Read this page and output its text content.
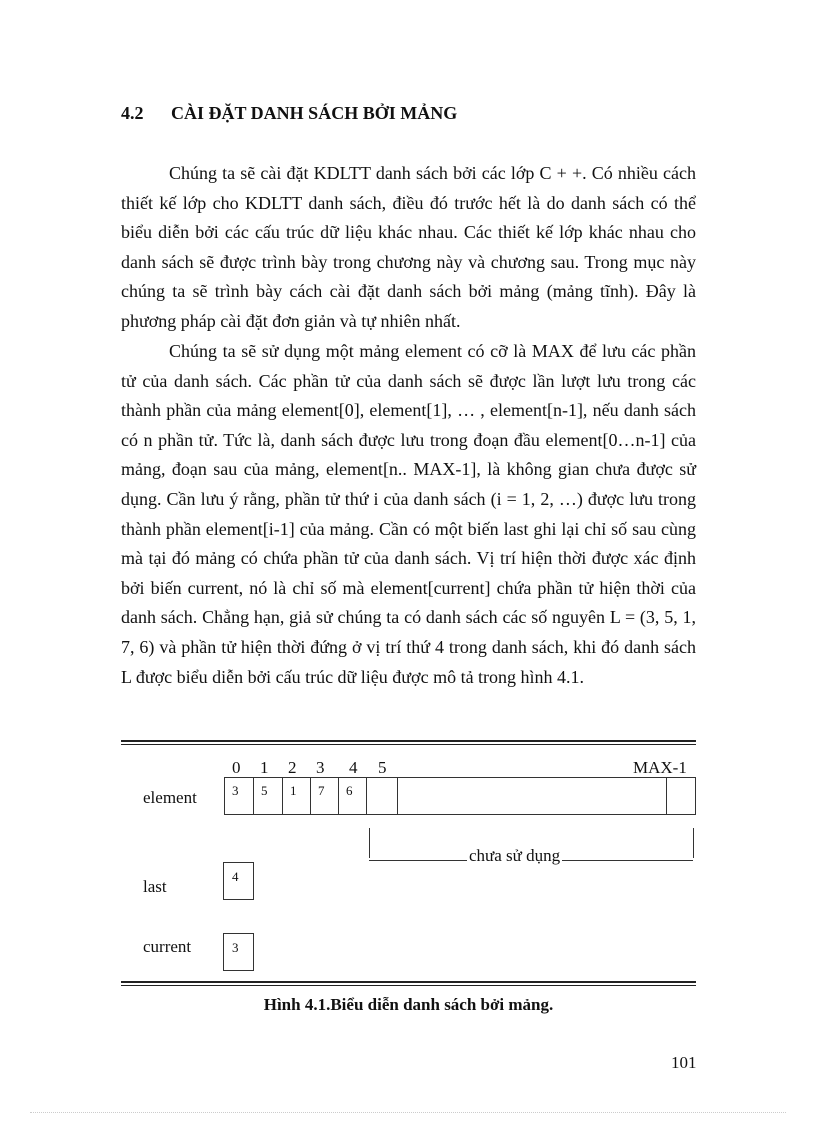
4.2 CÀI ĐẶT DANH SÁCH BỞI MẢNG

Chúng ta sẽ cài đặt KDLTT danh sách bởi các lớp C + +. Có nhiều cách thiết kế lớp cho KDLTT danh sách, điều đó trước hết là do danh sách có thể biểu diễn bởi các cấu trúc dữ liệu khác nhau. Các thiết kế lớp khác nhau cho danh sách sẽ được trình bày trong chương này và chương sau. Trong mục này chúng ta sẽ trình bày cách cài đặt danh sách bởi mảng (mảng tĩnh). Đây là phương pháp cài đặt đơn giản và tự nhiên nhất.

Chúng ta sẽ sử dụng một mảng element có cỡ là MAX để lưu các phần tử của danh sách. Các phần tử của danh sách sẽ được lần lượt lưu trong các thành phần của mảng element[0], element[1], … , element[n-1], nếu danh sách có n phần tử. Tức là, danh sách được lưu trong đoạn đầu element[0…n-1] của mảng, đoạn sau của mảng, element[n.. MAX-1], là không gian chưa được sử dụng. Cần lưu ý rằng, phần tử thứ i của danh sách (i = 1, 2, …) được lưu trong thành phần element[i-1] của mảng. Cần có một biến last ghi lại chỉ số sau cùng mà tại đó mảng có chứa phần tử của danh sách. Vị trí hiện thời được xác định bởi biến current, nó là chỉ số mà element[current] chứa phần tử hiện thời của danh sách. Chẳng hạn, giả sử chúng ta có danh sách các số nguyên L = (3, 5, 1, 7, 6) và phần tử hiện thời đứng ở vị trí thứ 4 trong danh sách, khi đó danh sách L được biểu diễn bởi cấu trúc dữ liệu được mô tả trong hình 4.1.

0 1 2 3 4 5	MAX-1
element	3	5	1	7	6
chưa sử dụng
last
4
current	3
Hình 4.1.Biểu diễn danh sách bởi mảng.
101
